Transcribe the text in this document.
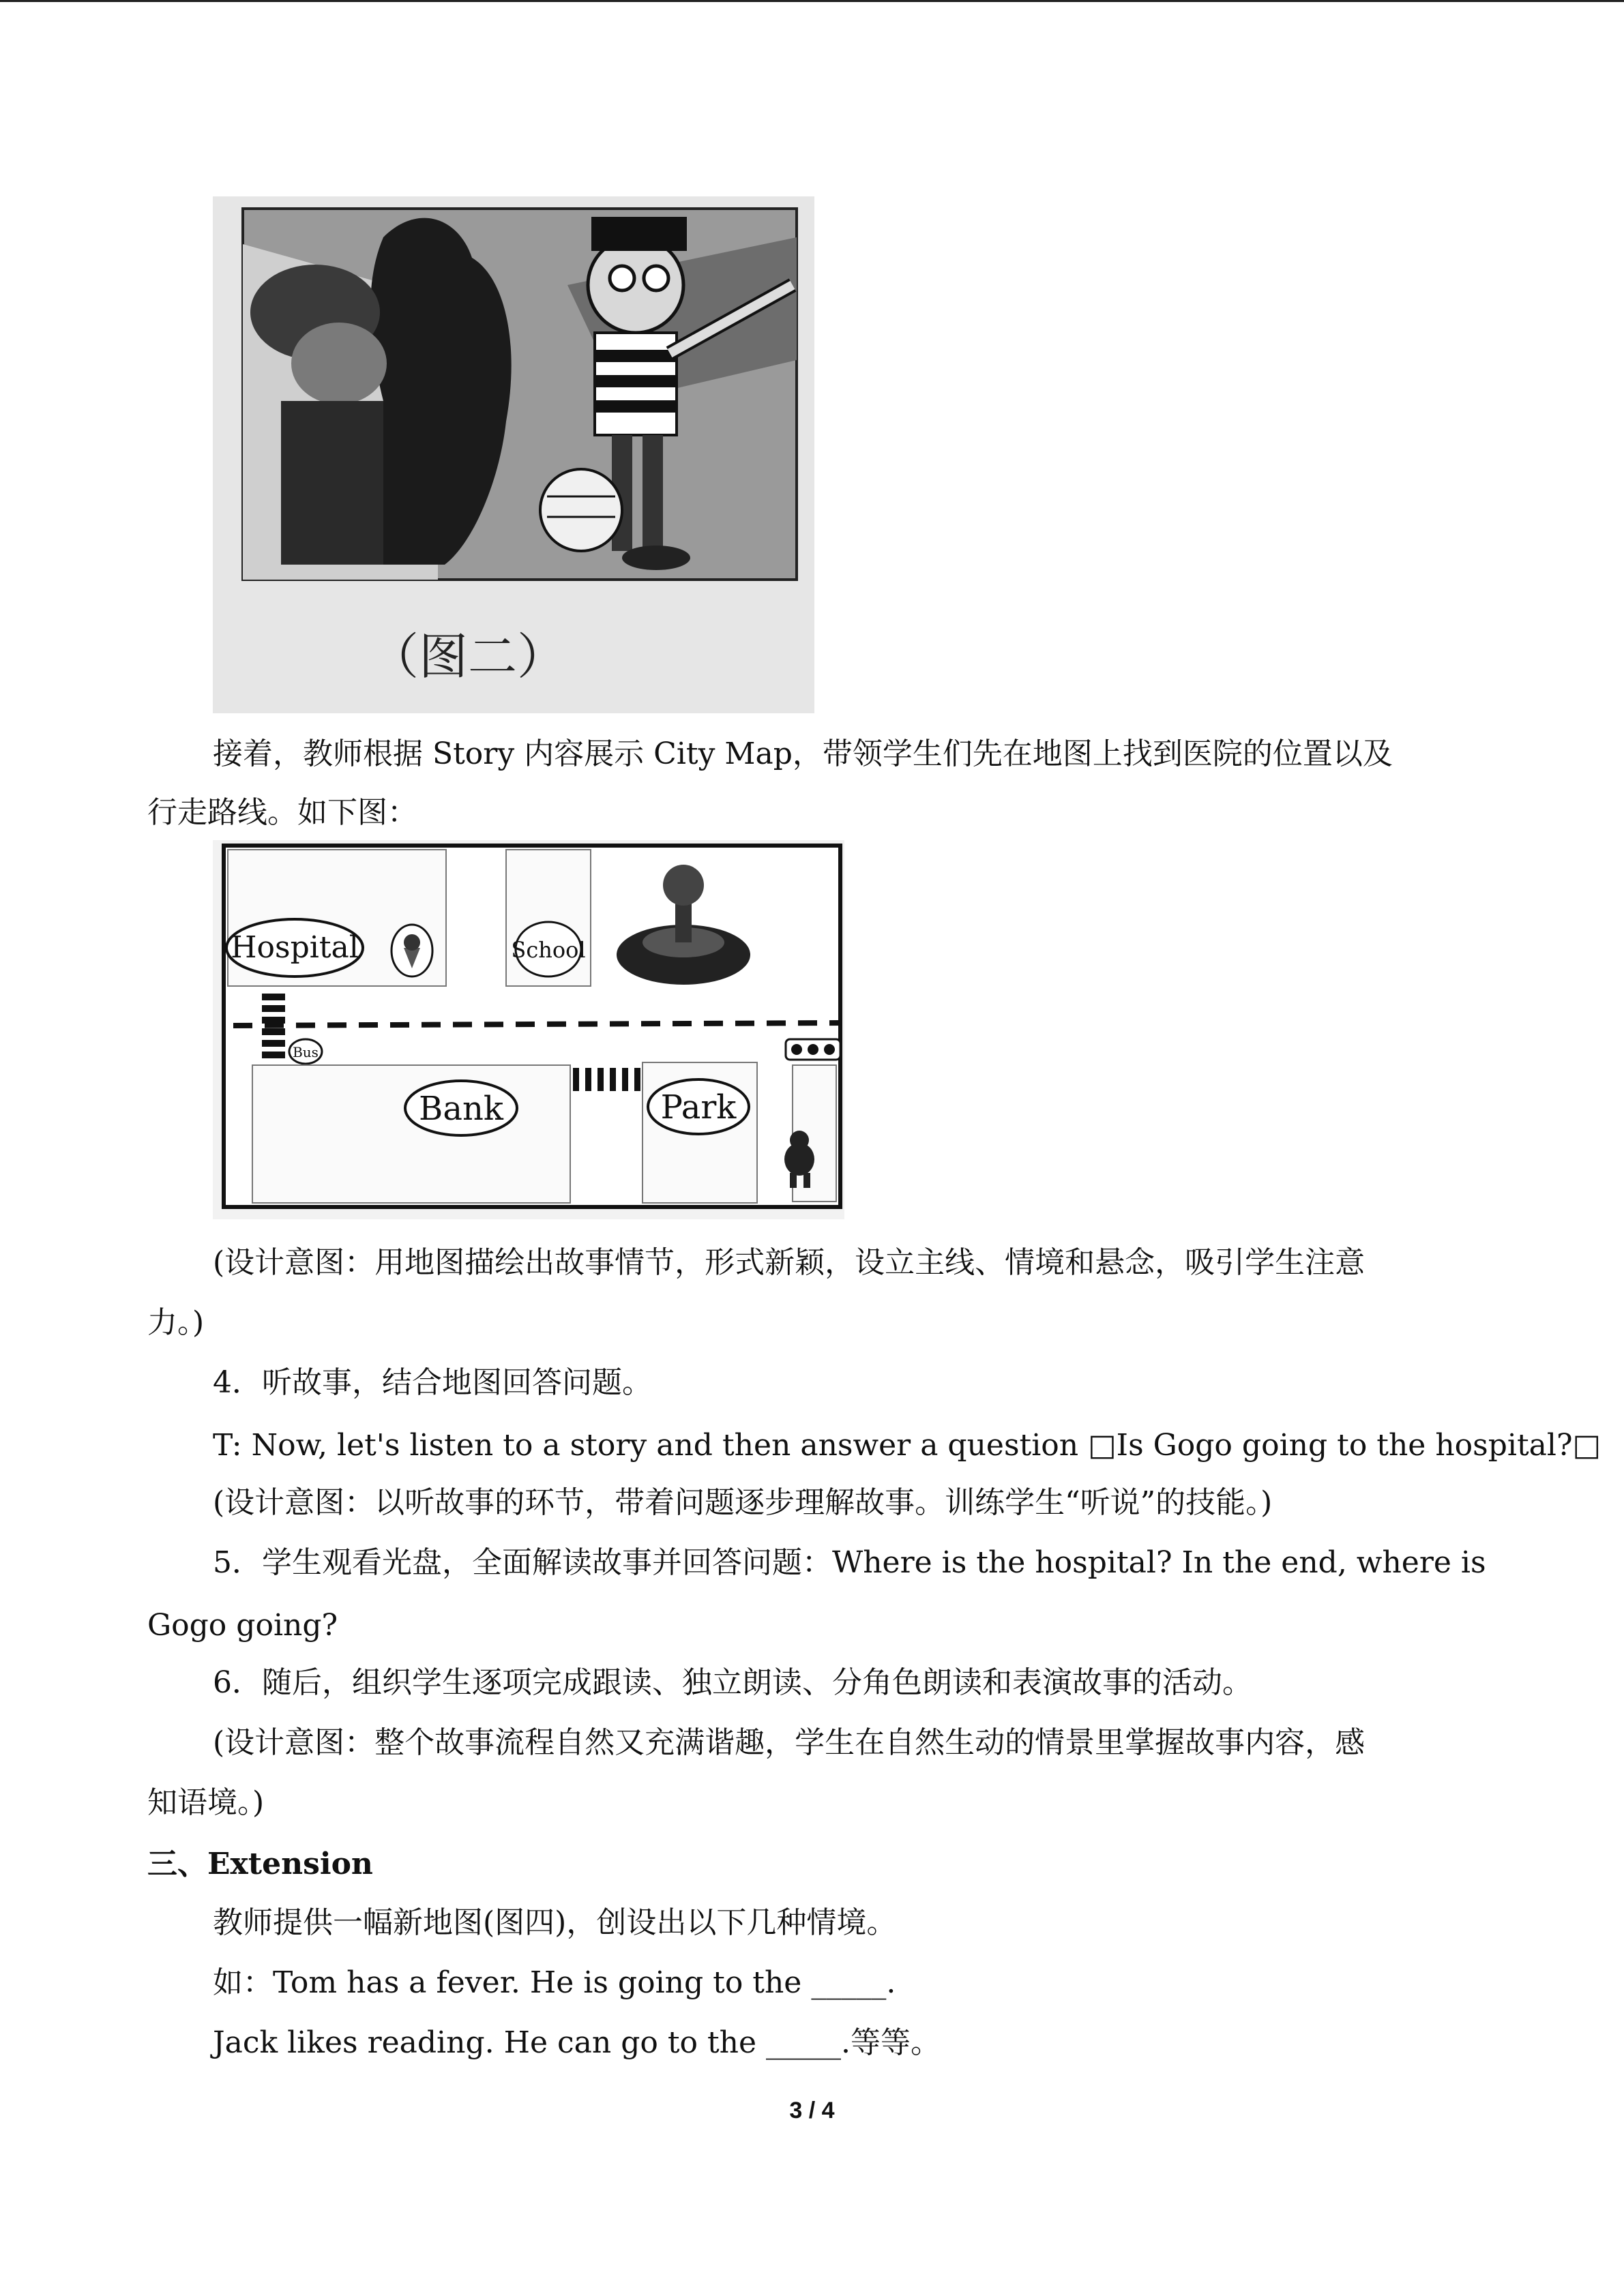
（图二）
接着，教师根据 Story 内容展示 City Map，带领学生们先在地图上找到医院的位置以及
行走路线。如下图：
Hospital	School
Bus
Bank	Park
(设计意图：用地图描绘出故事情节，形式新颖，设立主线、情境和悬念，吸引学生注意
力。)
4．听故事，结合地图回答问题。
T: Now, let's listen to a story and then answer a question □Is Gogo going to the hospital?□
(设计意图：以听故事的环节，带着问题逐步理解故事。训练学生“听说”的技能。)
5．学生观看光盘，全面解读故事并回答问题：Where is the hospital? In the end, where is
Gogo going?
6．随后，组织学生逐项完成跟读、独立朗读、分角色朗读和表演故事的活动。
(设计意图：整个故事流程自然又充满谐趣，学生在自然生动的情景里掌握故事内容，感
知语境。)
三、Extension
教师提供一幅新地图(图四)，创设出以下几种情境。
如：Tom has a fever. He is going to the _____.
Jack likes reading. He can go to the _____.等等。
3 / 4
